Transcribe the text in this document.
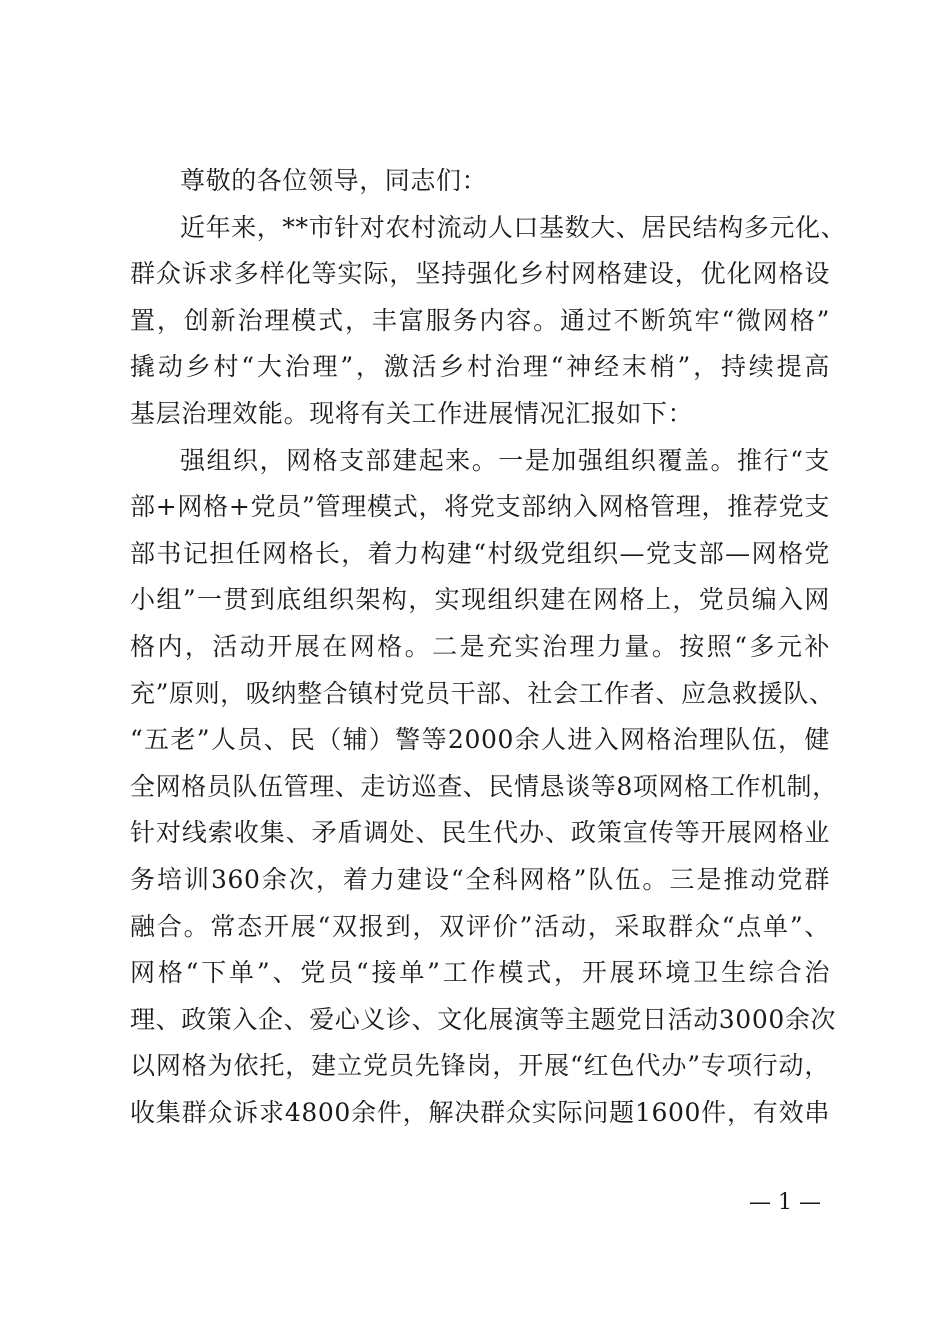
尊敬的各位领导，同志们：
近年来，**市针对农村流动人口基数大、居民结构多元化、
群众诉求多样化等实际，坚持强化乡村网格建设，优化网格设
置，创新治理模式，丰富服务内容。通过不断筑牢“微网格”
撬动乡村“大治理”，激活乡村治理“神经末梢”，持续提高
基层治理效能。现将有关工作进展情况汇报如下：
强组织，网格支部建起来。一是加强组织覆盖。推行“支
部+网格+党员”管理模式，将党支部纳入网格管理，推荐党支
部书记担任网格长，着力构建“村级党组织—党支部—网格党
小组”一贯到底组织架构，实现组织建在网格上，党员编入网
格内，活动开展在网格。二是充实治理力量。按照“多元补
充”原则，吸纳整合镇村党员干部、社会工作者、应急救援队、
“五老”人员、民（辅）警等2000余人进入网格治理队伍，健
全网格员队伍管理、走访巡查、民情恳谈等8项网格工作机制，
针对线索收集、矛盾调处、民生代办、政策宣传等开展网格业
务培训360余次，着力建设“全科网格”队伍。三是推动党群
融合。常态开展“双报到，双评价”活动，采取群众“点单”、
网格“下单”、党员“接单”工作模式，开展环境卫生综合治
理、政策入企、爱心义诊、文化展演等主题党日活动3000余次
以网格为依托，建立党员先锋岗，开展“红色代办”专项行动，
收集群众诉求4800余件，解决群众实际问题1600件，有效串
— 1 —
